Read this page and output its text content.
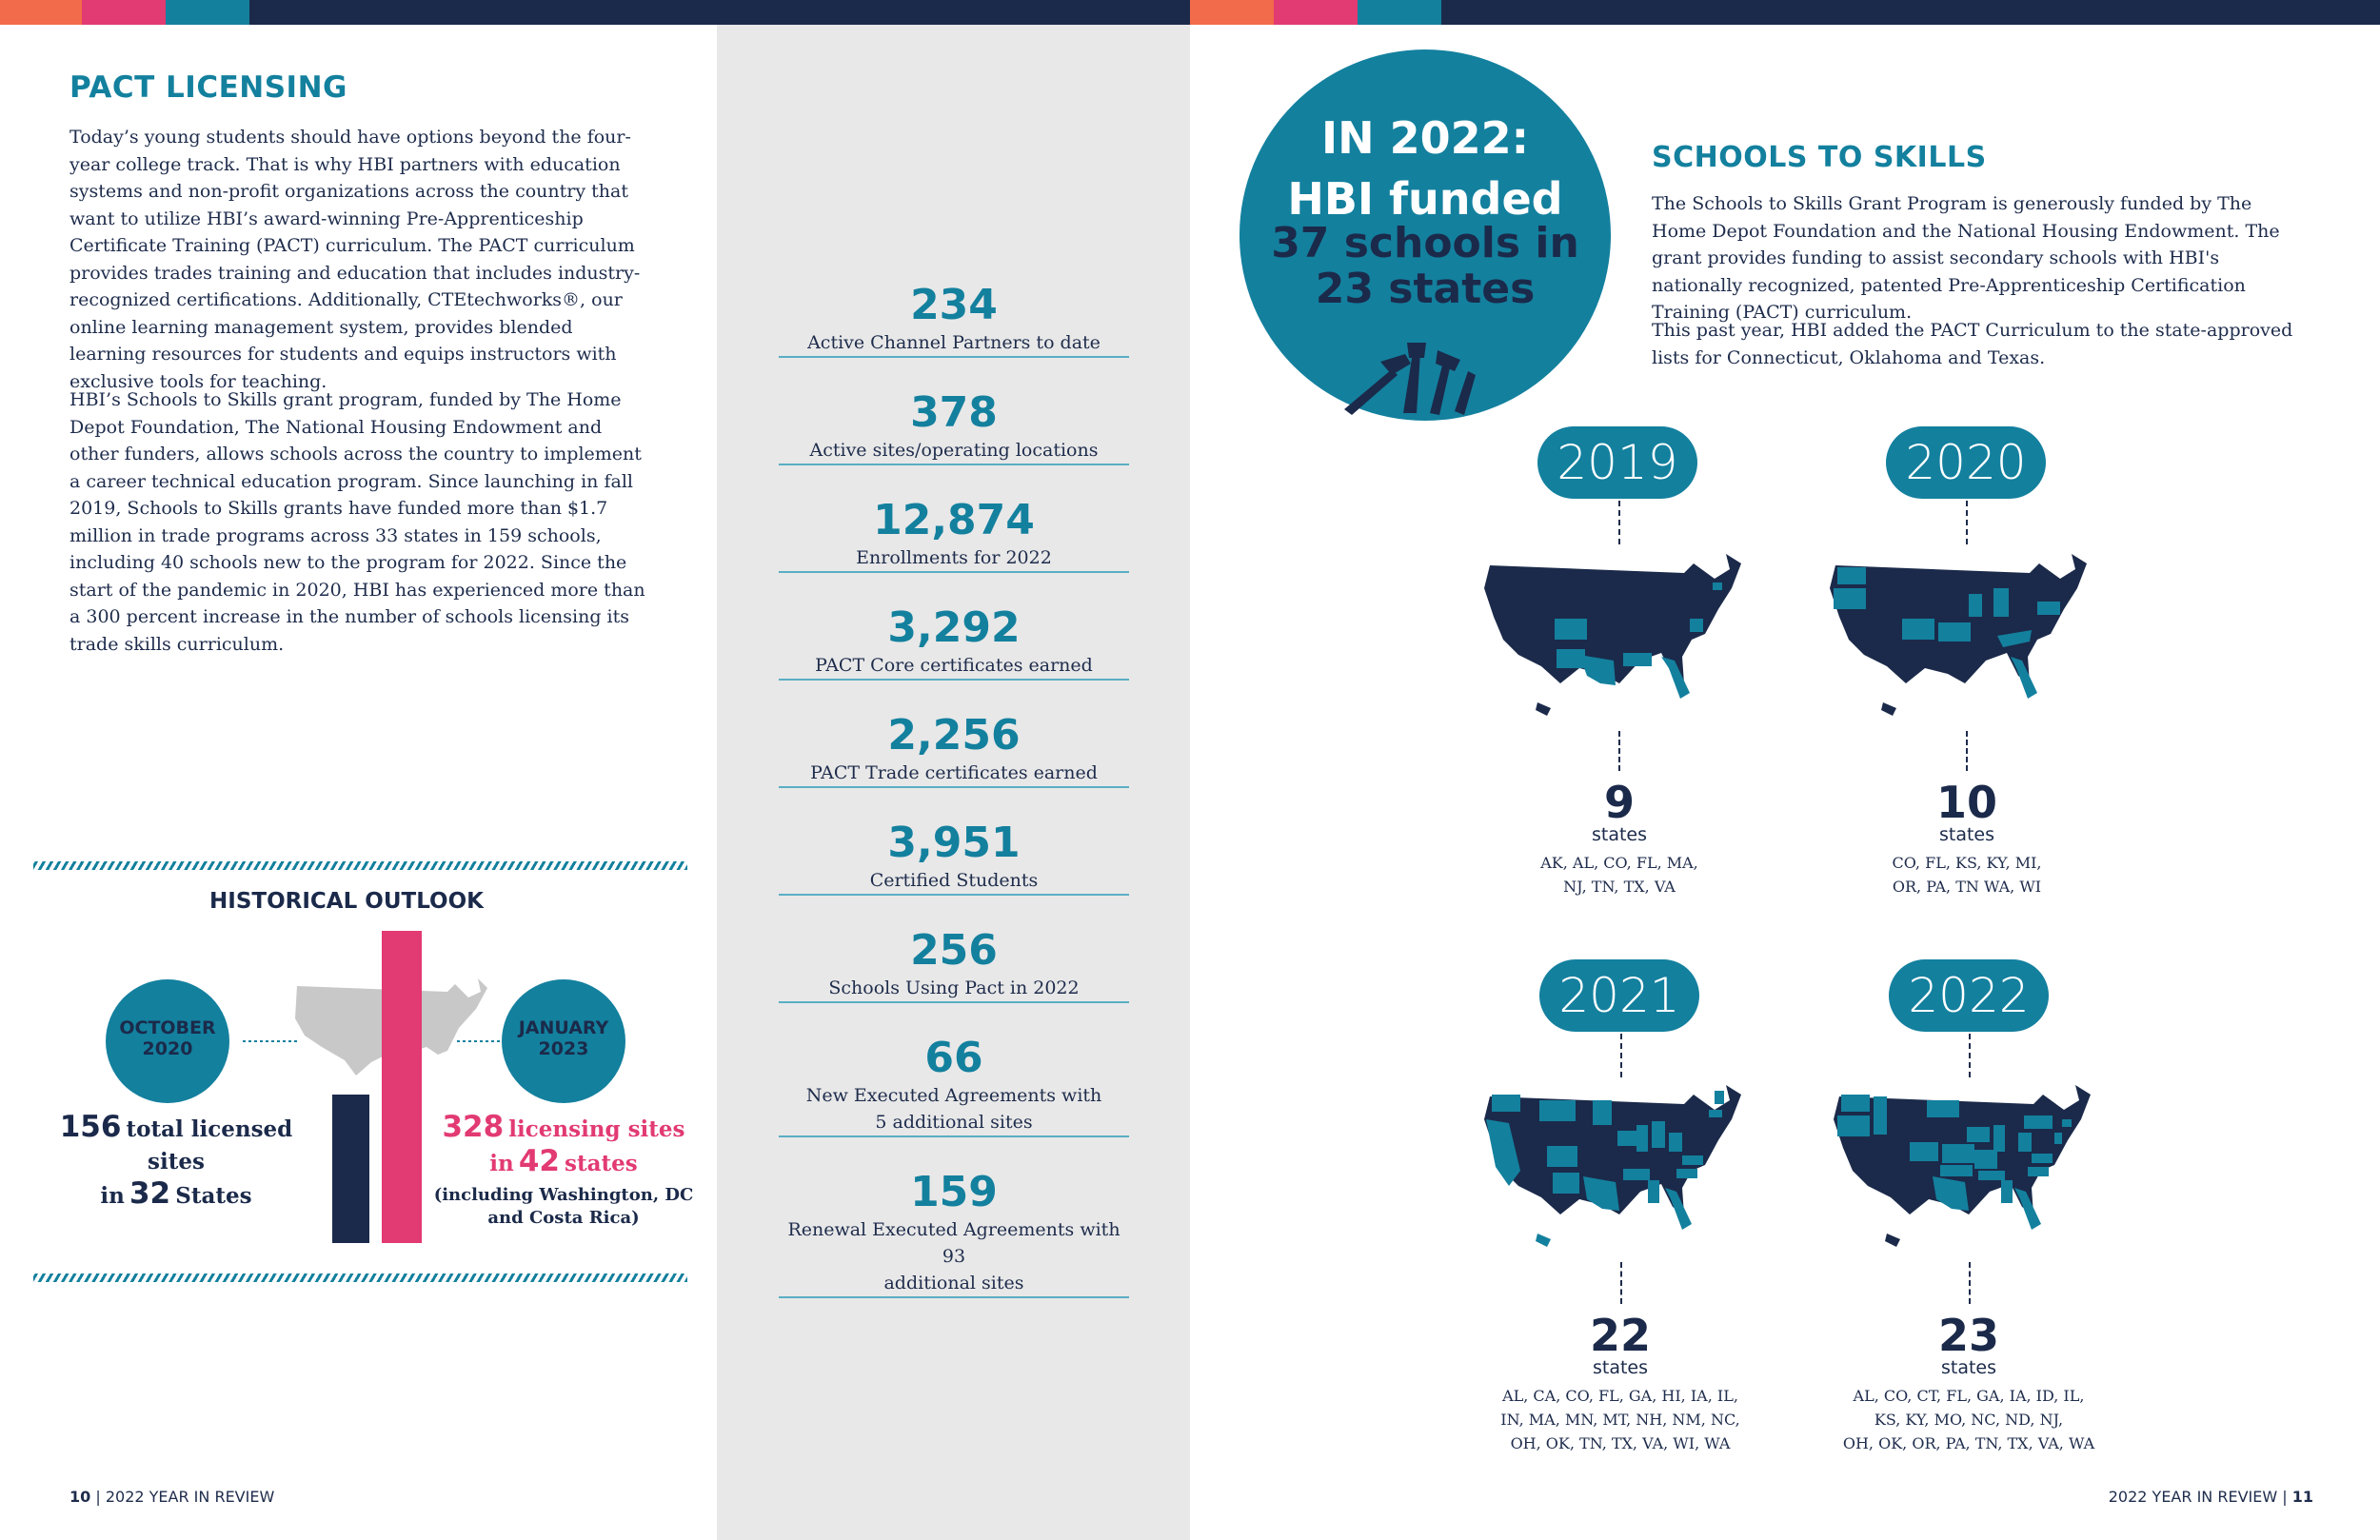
PACT LICENSING
Today’s young students should have options beyond the four-year college track. That is why HBI partners with education systems and non-profit organizations across the country that want to utilize HBI’s award-winning Pre-Apprenticeship Certificate Training (PACT) curriculum. The PACT curriculum provides trades training and education that includes industry-recognized certifications. Additionally, CTEtechworks®, our online learning management system, provides blended learning resources for students and equips instructors with exclusive tools for teaching.
HBI’s Schools to Skills grant program, funded by The Home Depot Foundation, The National Housing Endowment and other funders, allows schools across the country to implement a career technical education program. Since launching in fall 2019, Schools to Skills grants have funded more than $1.7 million in trade programs across 33 states in 159 schools, including 40 schools new to the program for 2022. Since the start of the pandemic in 2020, HBI has experienced more than a 300 percent increase in the number of schools licensing its trade skills curriculum.
HISTORICAL OUTLOOK
OCTOBER
2020
JANUARY
2023
156 total licensed sites
in 32 States
328 licensing sites
in 42 states
(including Washington, DC
and Costa Rica)
10 | 2022 YEAR IN REVIEW
234
Active Channel Partners to date
378
Active sites/operating locations
12,874
Enrollments for 2022
3,292
PACT Core certificates earned
2,256
PACT Trade certificates earned
3,951
Certified Students
256
Schools Using Pact in 2022
66
New Executed Agreements with
5 additional sites
159
Renewal Executed Agreements with 93
additional sites
IN 2022:
HBI funded
37 schools in
23 states
SCHOOLS TO SKILLS
The Schools to Skills Grant Program is generously funded by The Home Depot Foundation and the National Housing Endowment. The grant provides funding to assist secondary schools with HBI's nationally recognized, patented Pre-Apprenticeship Certification Training (PACT) curriculum.
This past year, HBI added the PACT Curriculum to the state-approved lists for Connecticut, Oklahoma and Texas.
2019
9
states
AK, AL, CO, FL, MA,
NJ, TN, TX, VA
2020
10
states
CO, FL, KS, KY, MI,
OR, PA, TN WA, WI
2021
22
states
AL, CA, CO, FL, GA, HI, IA, IL,
IN, MA, MN, MT, NH, NM, NC,
OH, OK, TN, TX, VA, WI, WA
2022
23
states
AL, CO, CT, FL, GA, IA, ID, IL,
KS, KY, MO, NC, ND, NJ,
OH, OK, OR, PA, TN, TX, VA, WA
2022 YEAR IN REVIEW | 11
